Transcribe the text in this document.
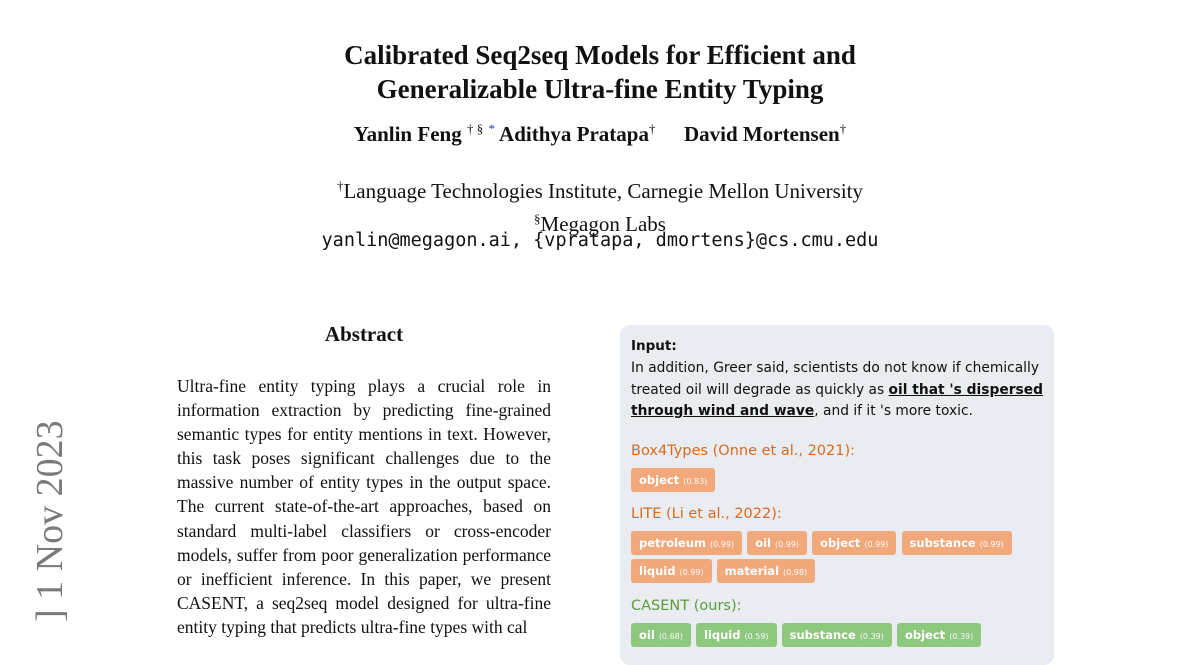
Calibrated Seq2seq Models for Efficient and
Generalizable Ultra-fine Entity Typing
Yanlin Feng † § * Adithya Pratapa† David Mortensen†
†Language Technologies Institute, Carnegie Mellon University
§Megagon Labs
yanlin@megagon.ai, {vpratapa, dmortens}@cs.cmu.edu
] 1 Nov 2023
Abstract
Ultra-fine entity typing plays a crucial role in information extraction by predicting fine-grained semantic types for entity mentions in text. However, this task poses significant challenges due to the massive number of entity types in the output space. The current state-of-the-art approaches, based on standard multi-label classifiers or cross-encoder models, suffer from poor generalization performance or inefficient inference. In this paper, we present CASENT, a seq2seq model designed for ultra-fine entity typing that predicts ultra-fine types with cal
Input:
In addition, Greer said, scientists do not know if chemically treated oil will degrade as quickly as oil that 's dispersed through wind and wave, and if it 's more toxic.
Box4Types (Onne et al., 2021):
object (0.83)
LITE (Li et al., 2022):
petroleum (0.99) oil (0.99) object (0.99) substance (0.99) liquid (0.99) material (0.98)
CASENT (ours):
oil (0.68) liquid (0.59) substance (0.39) object (0.39)
